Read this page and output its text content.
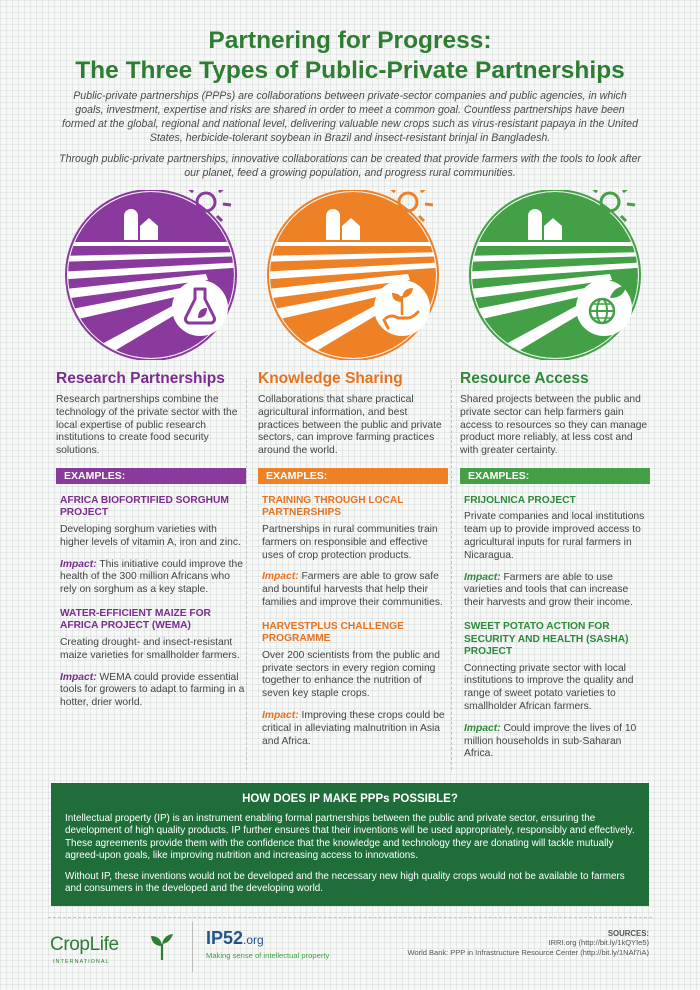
Partnering for Progress:
The Three Types of Public-Private Partnerships

Public-private partnerships (PPPs) are collaborations between private-sector companies and public agencies, in which goals, investment, expertise and risks are shared in order to meet a common goal. Countless partnerships have been formed at the global, regional and national level, delivering valuable new crops such as virus-resistant papaya in the United States, herbicide-tolerant soybean in Brazil and insect-resistant brinjal in Bangladesh.

Through public-private partnerships, innovative collaborations can be created that provide farmers with the tools to look after our planet, feed a growing population, and progress rural communities.

Research Partnerships
Research partnerships combine the technology of the private sector with the local expertise of public research institutions to create food security solutions.
EXAMPLES:
AFRICA BIOFORTIFIED SORGHUM PROJECT
Developing sorghum varieties with higher levels of vitamin A, iron and zinc.
Impact: This initiative could improve the health of the 300 million Africans who rely on sorghum as a key staple.
WATER-EFFICIENT MAIZE FOR AFRICA PROJECT (WEMA)
Creating drought- and insect-resistant maize varieties for smallholder farmers.
Impact: WEMA could provide essential tools for growers to adapt to farming in a hotter, drier world.
Knowledge Sharing
Collaborations that share practical agricultural information, and best practices between the public and private sectors, can improve farming practices around the world.
EXAMPLES:
TRAINING THROUGH LOCAL PARTNERSHIPS
Partnerships in rural communities train farmers on responsible and effective uses of crop protection products.
Impact: Farmers are able to grow safe and bountiful harvests that help their families and improve their communities.
HARVESTPLUS CHALLENGE PROGRAMME
Over 200 scientists from the public and private sectors in every region coming together to enhance the nutrition of seven key staple crops.
Impact: Improving these crops could be critical in alleviating malnutrition in Asia and Africa.
Resource Access
Shared projects between the public and private sector can help farmers gain access to resources so they can manage product more reliably, at less cost and with greater certainty.
EXAMPLES:
FRIJOLNICA PROJECT
Private companies and local institutions team up to provide improved access to agricultural inputs for rural farmers in Nicaragua.
Impact: Farmers are able to use varieties and tools that can increase their harvests and grow their income.
SWEET POTATO ACTION FOR SECURITY AND HEALTH (SASHA) PROJECT
Connecting private sector with local institutions to improve the quality and range of sweet potato varieties to smallholder African farmers.
Impact: Could improve the lives of 10 million households in sub-Saharan Africa.
HOW DOES IP MAKE PPPs POSSIBLE?

Intellectual property (IP) is an instrument enabling formal partnerships between the public and private sector, ensuring the development of high quality products. IP further ensures that their inventions will be used appropriately, responsibly and effectively. These agreements provide them with the confidence that the knowledge and technology they are donating will tackle mutually agreed-upon goals, like improving nutrition and increasing access to innovations.

Without IP, these inventions would not be developed and the necessary new high quality crops would not be available to farmers and consumers in the developed and the developing world.

CropLife
INTERNATIONAL
IP52.org
Making sense of intellectual property
SOURCES:
IRRI.org (http://bit.ly/1kQYIe5)
World Bank: PPP in Infrastructure Resource Center (http://bit.ly/1NAf7iA)
